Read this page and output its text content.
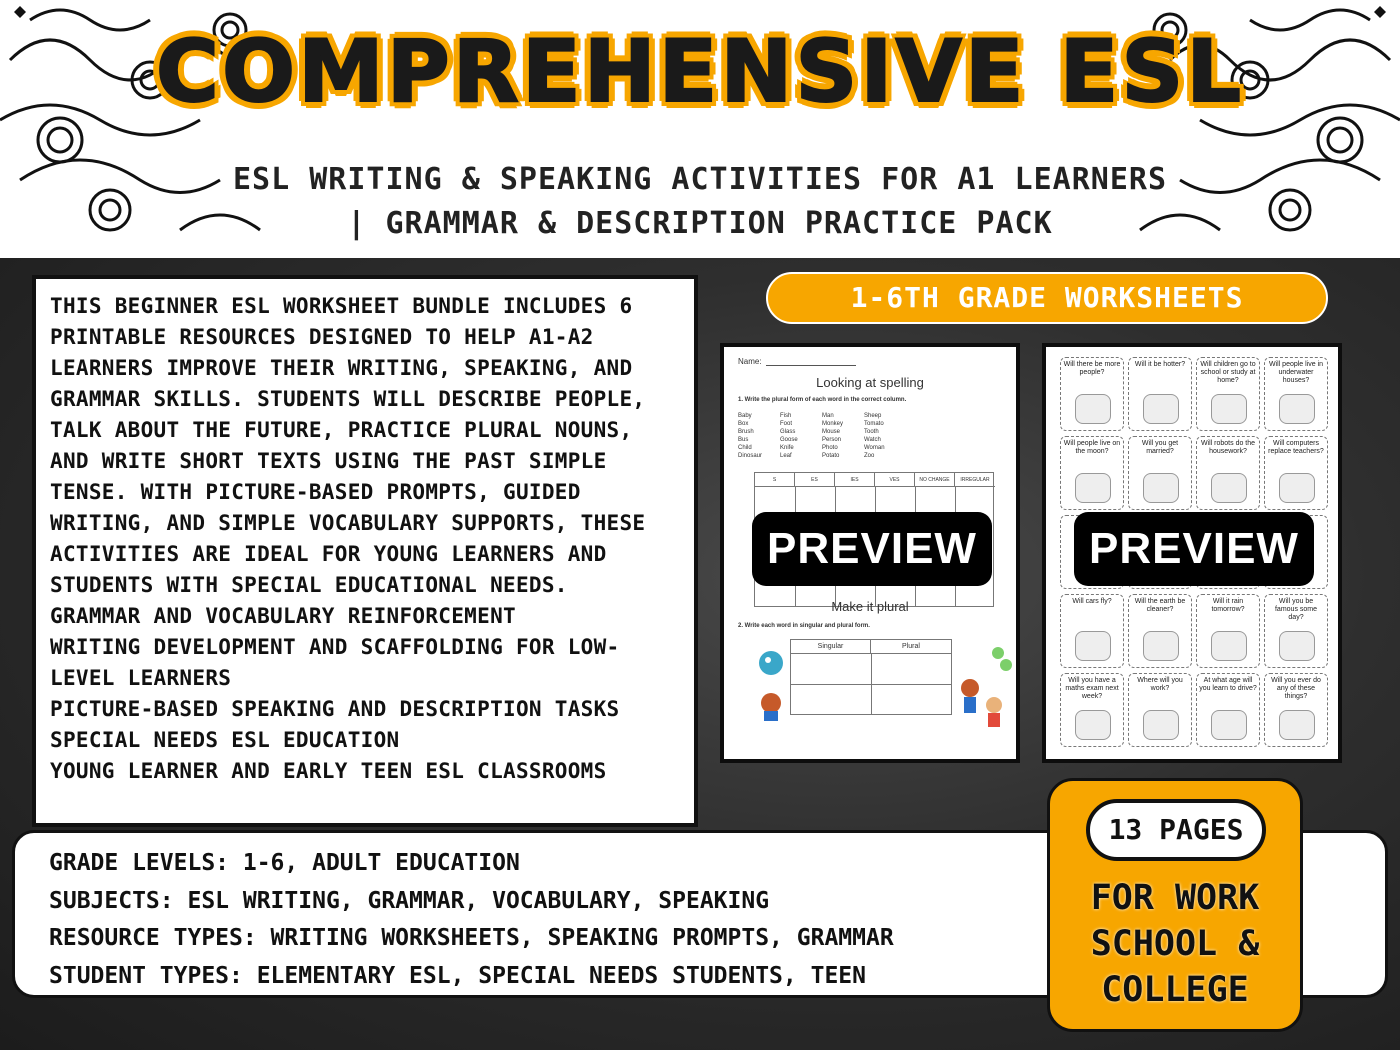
COMPREHENSIVE ESL
ESL WRITING & SPEAKING ACTIVITIES FOR A1 LEARNERS
| GRAMMAR & DESCRIPTION PRACTICE PACK
THIS BEGINNER ESL WORKSHEET BUNDLE INCLUDES 6
PRINTABLE RESOURCES DESIGNED TO HELP A1-A2
LEARNERS IMPROVE THEIR WRITING, SPEAKING, AND
GRAMMAR SKILLS. STUDENTS WILL DESCRIBE PEOPLE,
TALK ABOUT THE FUTURE, PRACTICE PLURAL NOUNS,
AND WRITE SHORT TEXTS USING THE PAST SIMPLE
TENSE. WITH PICTURE-BASED PROMPTS, GUIDED
WRITING, AND SIMPLE VOCABULARY SUPPORTS, THESE
ACTIVITIES ARE IDEAL FOR YOUNG LEARNERS AND
STUDENTS WITH SPECIAL EDUCATIONAL NEEDS.
GRAMMAR AND VOCABULARY REINFORCEMENT
WRITING DEVELOPMENT AND SCAFFOLDING FOR LOW-
LEVEL LEARNERS
PICTURE-BASED SPEAKING AND DESCRIPTION TASKS
SPECIAL NEEDS ESL EDUCATION
YOUNG LEARNER AND EARLY TEEN ESL CLASSROOMS
1-6TH GRADE WORKSHEETS
Name:
Looking at spelling
1. Write the plural form of each word in the correct column.
Baby	Fish	Man	Sheep
Box	Foot	Monkey	Tomato
Brush	Glass	Mouse	Tooth
Bus	Goose	Person	Watch
Child	Knife	Photo	Woman
Dinosaur	Leaf	Potato	Zoo
S	ES	IES	VES	NO CHANGE	IRREGULAR
Make it plural
2. Write each word in singular and plural form.
Singular	Plural
PREVIEW
Will there be more people?
Will it be hotter?	Will children go to school or study at home?
Will people live in underwater houses?
Will people live on the moon?
Will you get married?
Will robots do the housework?
Will computers replace teachers?
Will cars fly?	Will the earth be cleaner?
Will it rain tomorrow?
Will you be famous some day?
Will you have a maths exam next week?
Where will you work?
At what age will you learn to drive?
Will you ever do any of these things?
PREVIEW
GRADE LEVELS: 1-6, ADULT EDUCATION
SUBJECTS: ESL WRITING, GRAMMAR, VOCABULARY, SPEAKING
RESOURCE TYPES: WRITING WORKSHEETS, SPEAKING PROMPTS, GRAMMAR
STUDENT TYPES: ELEMENTARY ESL, SPECIAL NEEDS STUDENTS, TEEN
13 PAGES
FOR WORK
SCHOOL &
COLLEGE
